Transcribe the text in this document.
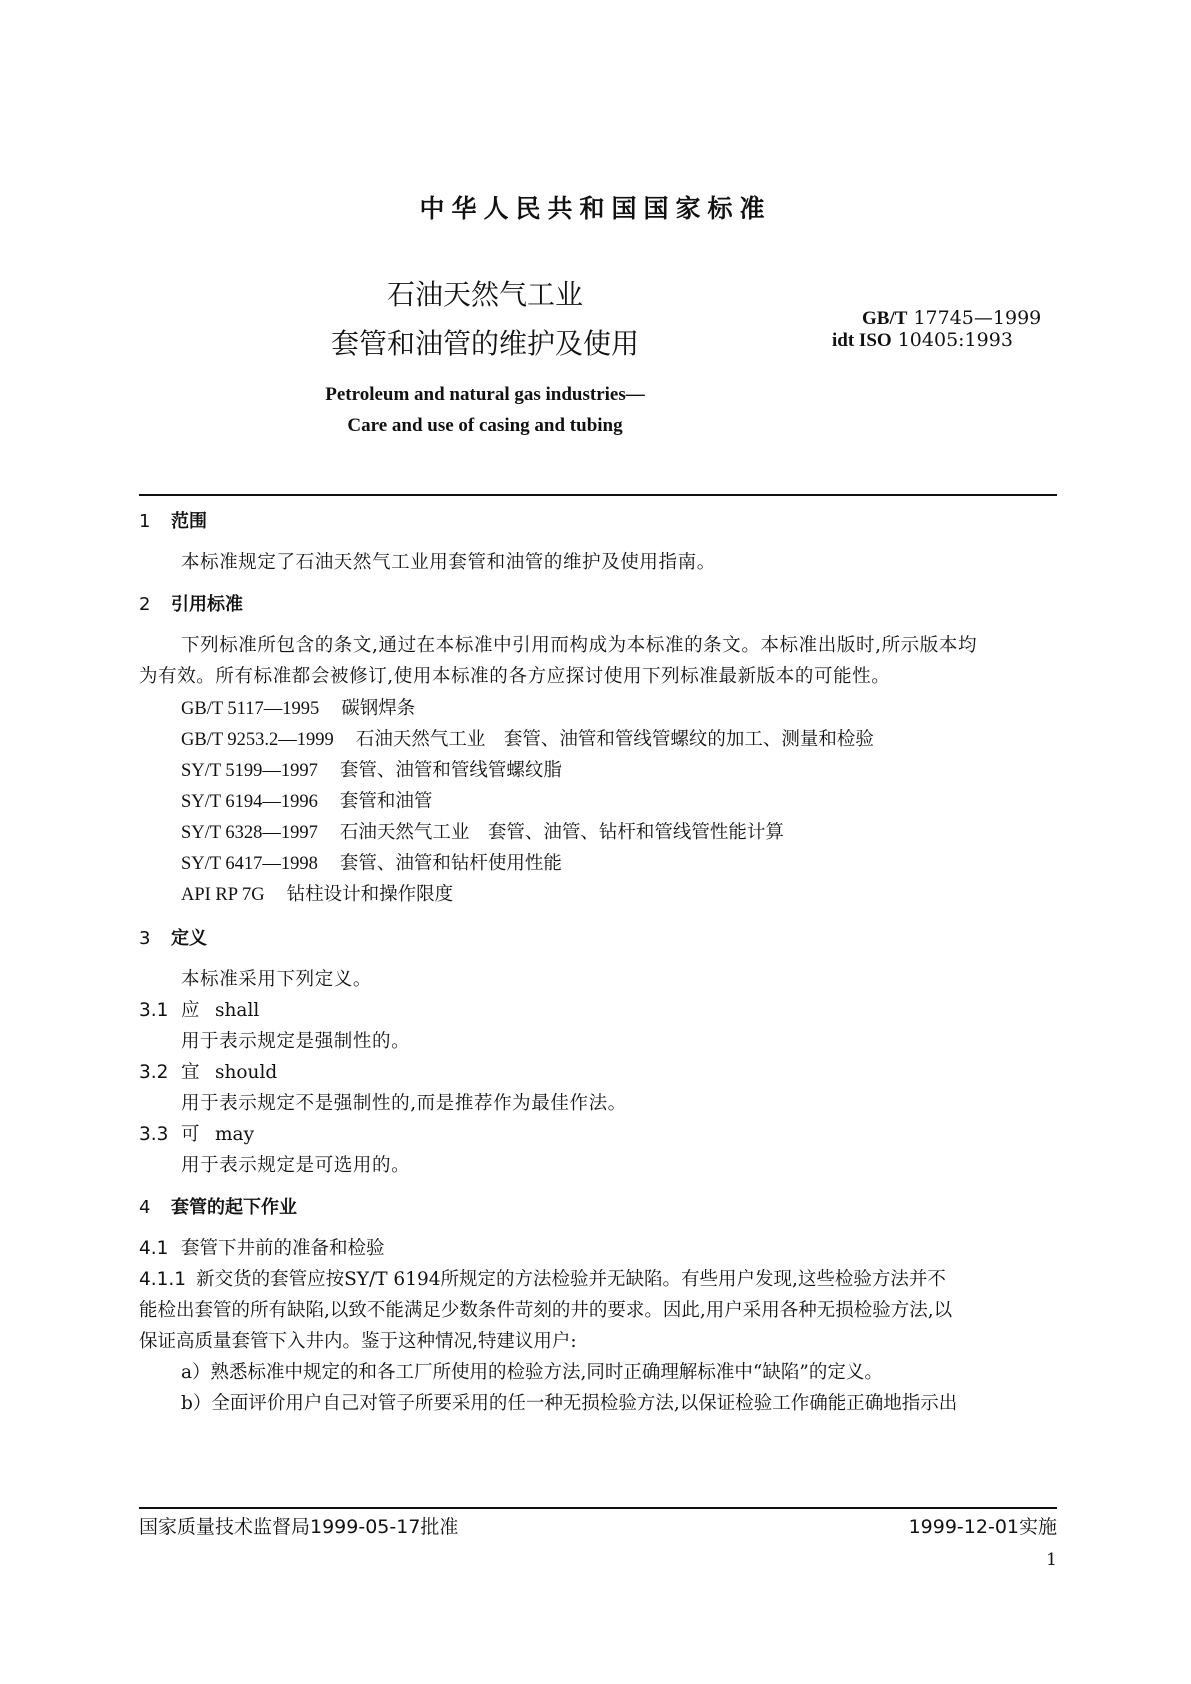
中华人民共和国国家标准
石油天然气工业
套管和油管的维护及使用
GB/T 17745—1999
idt ISO 10405:1993
Petroleum and natural gas industries—
Care and use of casing and tubing
1 范围
本标准规定了石油天然气工业用套管和油管的维护及使用指南。
2 引用标准
下列标准所包含的条文,通过在本标准中引用而构成为本标准的条文。本标准出版时,所示版本均
为有效。所有标准都会被修订,使用本标准的各方应探讨使用下列标准最新版本的可能性。
GB/T 5117—1995 碳钢焊条
GB/T 9253.2—1999 石油天然气工业　套管、油管和管线管螺纹的加工、测量和检验
SY/T 5199—1997 套管、油管和管线管螺纹脂
SY/T 6194—1996 套管和油管
SY/T 6328—1997 石油天然气工业　套管、油管、钻杆和管线管性能计算
SY/T 6417—1998 套管、油管和钻杆使用性能
API RP 7G 钻柱设计和操作限度
3 定义
本标准采用下列定义。
3.1 应 shall
用于表示规定是强制性的。
3.2 宜 should
用于表示规定不是强制性的,而是推荐作为最佳作法。
3.3 可 may
用于表示规定是可选用的。
4 套管的起下作业
4.1 套管下井前的准备和检验
4.1.1 新交货的套管应按SY/T 6194所规定的方法检验并无缺陷。有些用户发现,这些检验方法并不
能检出套管的所有缺陷,以致不能满足少数条件苛刻的井的要求。因此,用户采用各种无损检验方法,以
保证高质量套管下入井内。鉴于这种情况,特建议用户:
a）熟悉标准中规定的和各工厂所使用的检验方法,同时正确理解标准中“缺陷”的定义。
b）全面评价用户自己对管子所要采用的任一种无损检验方法,以保证检验工作确能正确地指示出
国家质量技术监督局1999-05-17批准	1999-12-01实施
1
